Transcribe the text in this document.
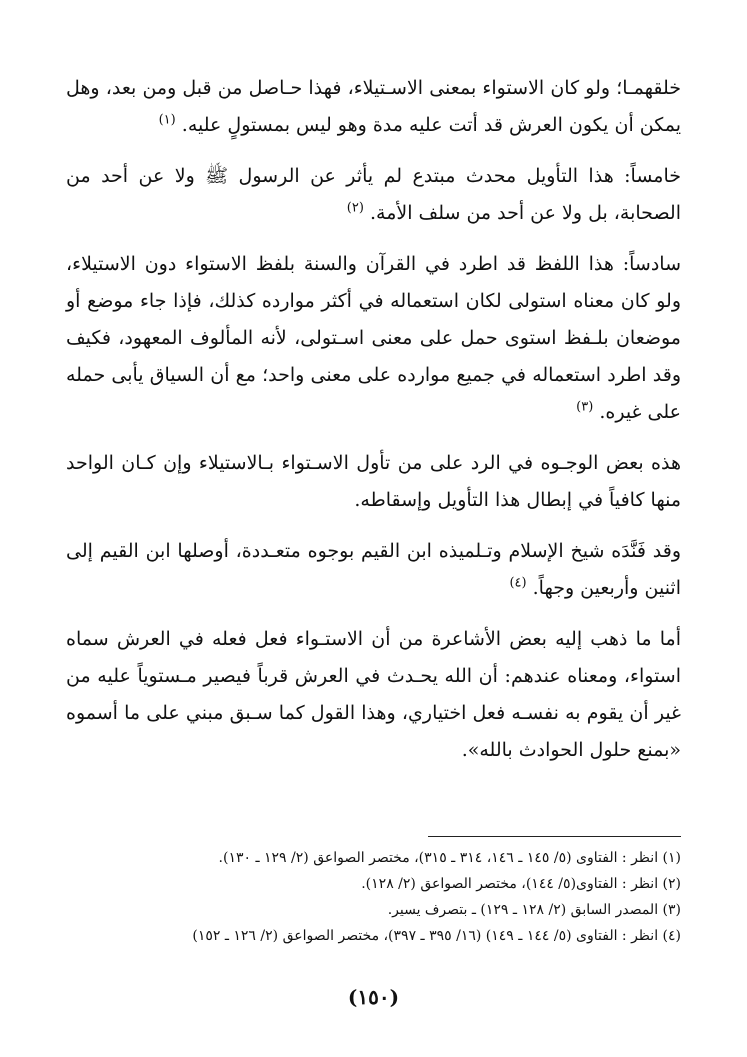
خلقهمـا؛ ولو كان الاستواء بمعنى الاسـتيلاء، فهذا حـاصل من قبل ومن بعد، وهل يمكن أن يكون العرش قد أتت عليه مدة وهو ليس بمستولٍ عليه. $^{(١)}$

خامساً: هذا التأويل محدث مبتدع لم يأثر عن الرسول ﷺ ولا عن أحد من الصحابة، بل ولا عن أحد من سلف الأمة. $^{(٢)}$

سادساً: هذا اللفظ قد اطرد في القرآن والسنة بلفظ الاستواء دون الاستيلاء، ولو كان معناه استولى لكان استعماله في أكثر موارده كذلك، فإذا جاء موضع أو موضعان بلـفظ استوى حمل على معنى اسـتولى، لأنه المألوف المعهود، فكيف وقد اطرد استعماله في جميع موارده على معنى واحد؛ مع أن السياق يأبى حمله على غيره. $^{(٣)}$

هذه بعض الوجـوه في الرد على من تأول الاسـتواء بـالاستيلاء وإن كـان الواحد منها كافياً في إبطال هذا التأويل وإسقاطه.

وقد فَنَّدَه شيخ الإسلام وتـلميذه ابن القيم بوجوه متعـددة، أوصلها ابن القيم إلى اثنين وأربعين وجهاً. $^{(٤)}$

أما ما ذهب إليه بعض الأشاعرة من أن الاستـواء فعل فعله في العرش سماه استواء، ومعناه عندهم: أن الله يحـدث في العرش قرباً فيصير مـستوياً عليه من غير أن يقوم به نفسـه فعل اختياري، وهذا القول كما سـبق مبني على ما أسموه «بمنع حلول الحوادث بالله».

(١) انظر : الفتاوى (٥/ ١٤٥ ـ ١٤٦، ٣١٤ ـ ٣١٥)، مختصر الصواعق (٢/ ١٢٩ ـ ١٣٠).

(٢) انظر : الفتاوى(٥/ ١٤٤)، مختصر الصواعق (٢/ ١٢٨).

(٣) المصدر السابق (٢/ ١٢٨ ـ ١٢٩) ـ بتصرف يسير.

(٤) انظر : الفتاوى (٥/ ١٤٤ ـ ١٤٩) (١٦/ ٣٩٥ ـ ٣٩٧)، مختصر الصواعق (٢/ ١٢٦ ـ ١٥٢)

(١٥٠)
